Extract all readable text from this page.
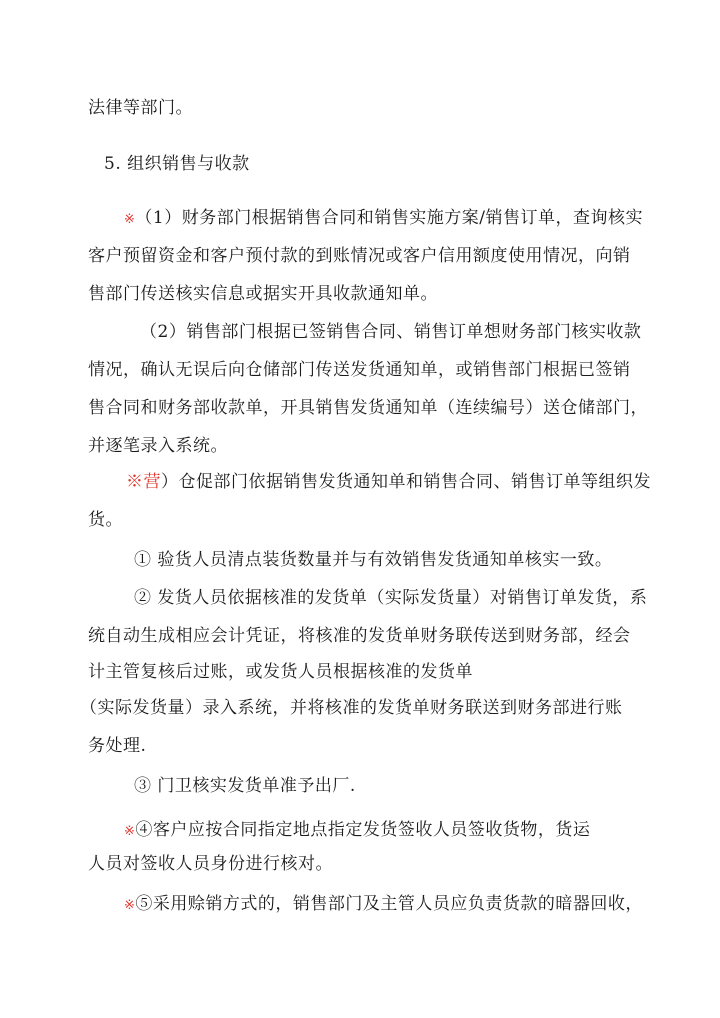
法律等部门。
5. 组织销售与收款
※（1）财务部门根据销售合同和销售实施方案/销售订单，查询核实
客户预留资金和客户预付款的到账情况或客户信用额度使用情况，向销
售部门传送核实信息或据实开具收款通知单。
（2）销售部门根据已签销售合同、销售订单想财务部门核实收款
情况，确认无误后向仓储部门传送发货通知单，或销售部门根据已签销
售合同和财务部收款单，开具销售发货通知单（连续编号）送仓储部门，
并逐笔录入系统。
※营）仓促部门依据销售发货通知单和销售合同、销售订单等组织发
货。
① 验货人员清点装货数量并与有效销售发货通知单核实一致。
② 发货人员依据核准的发货单（实际发货量）对销售订单发货，系
统自动生成相应会计凭证，将核准的发货单财务联传送到财务部，经会
计主管复核后过账，或发货人员根据核准的发货单
（实际发货量）录入系统，并将核准的发货单财务联送到财务部进行账
务处理.
③ 门卫核实发货单准予出厂.
※④客户应按合同指定地点指定发货签收人员签收货物，货运
人员对签收人员身份进行核对。
※⑤采用赊销方式的，销售部门及主管人员应负责货款的暗器回收，
